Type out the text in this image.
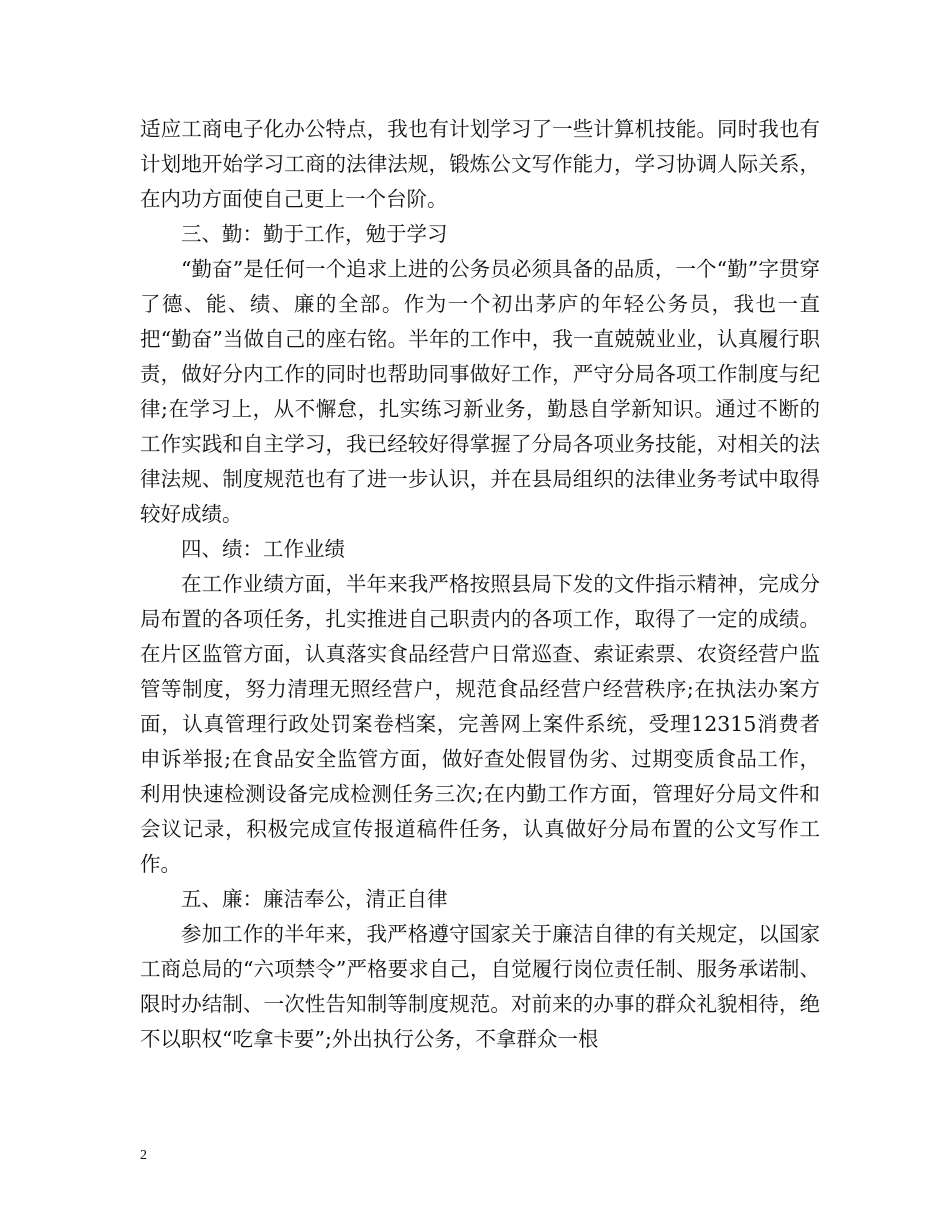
适应工商电子化办公特点，我也有计划学习了一些计算机技能。同时我也有计划地开始学习工商的法律法规，锻炼公文写作能力，学习协调人际关系，在内功方面使自己更上一个台阶。

三、勤：勤于工作，勉于学习

“勤奋”是任何一个追求上进的公务员必须具备的品质，一个“勤”字贯穿了德、能、绩、廉的全部。作为一个初出茅庐的年轻公务员，我也一直把“勤奋”当做自己的座右铭。半年的工作中，我一直兢兢业业，认真履行职责，做好分内工作的同时也帮助同事做好工作，严守分局各项工作制度与纪律;在学习上，从不懈怠，扎实练习新业务，勤恳自学新知识。通过不断的工作实践和自主学习，我已经较好得掌握了分局各项业务技能，对相关的法律法规、制度规范也有了进一步认识，并在县局组织的法律业务考试中取得较好成绩。

四、绩：工作业绩

在工作业绩方面，半年来我严格按照县局下发的文件指示精神，完成分局布置的各项任务，扎实推进自己职责内的各项工作，取得了一定的成绩。在片区监管方面，认真落实食品经营户日常巡查、索证索票、农资经营户监管等制度，努力清理无照经营户，规范食品经营户经营秩序;在执法办案方面，认真管理行政处罚案卷档案，完善网上案件系统，受理12315消费者申诉举报;在食品安全监管方面，做好查处假冒伪劣、过期变质食品工作，利用快速检测设备完成检测任务三次;在内勤工作方面，管理好分局文件和会议记录，积极完成宣传报道稿件任务，认真做好分局布置的公文写作工作。

五、廉：廉洁奉公，清正自律

参加工作的半年来，我严格遵守国家关于廉洁自律的有关规定，以国家工商总局的“六项禁令”严格要求自己，自觉履行岗位责任制、服务承诺制、限时办结制、一次性告知制等制度规范。对前来的办事的群众礼貌相待，绝不以职权“吃拿卡要”;外出执行公务，不拿群众一根

2
